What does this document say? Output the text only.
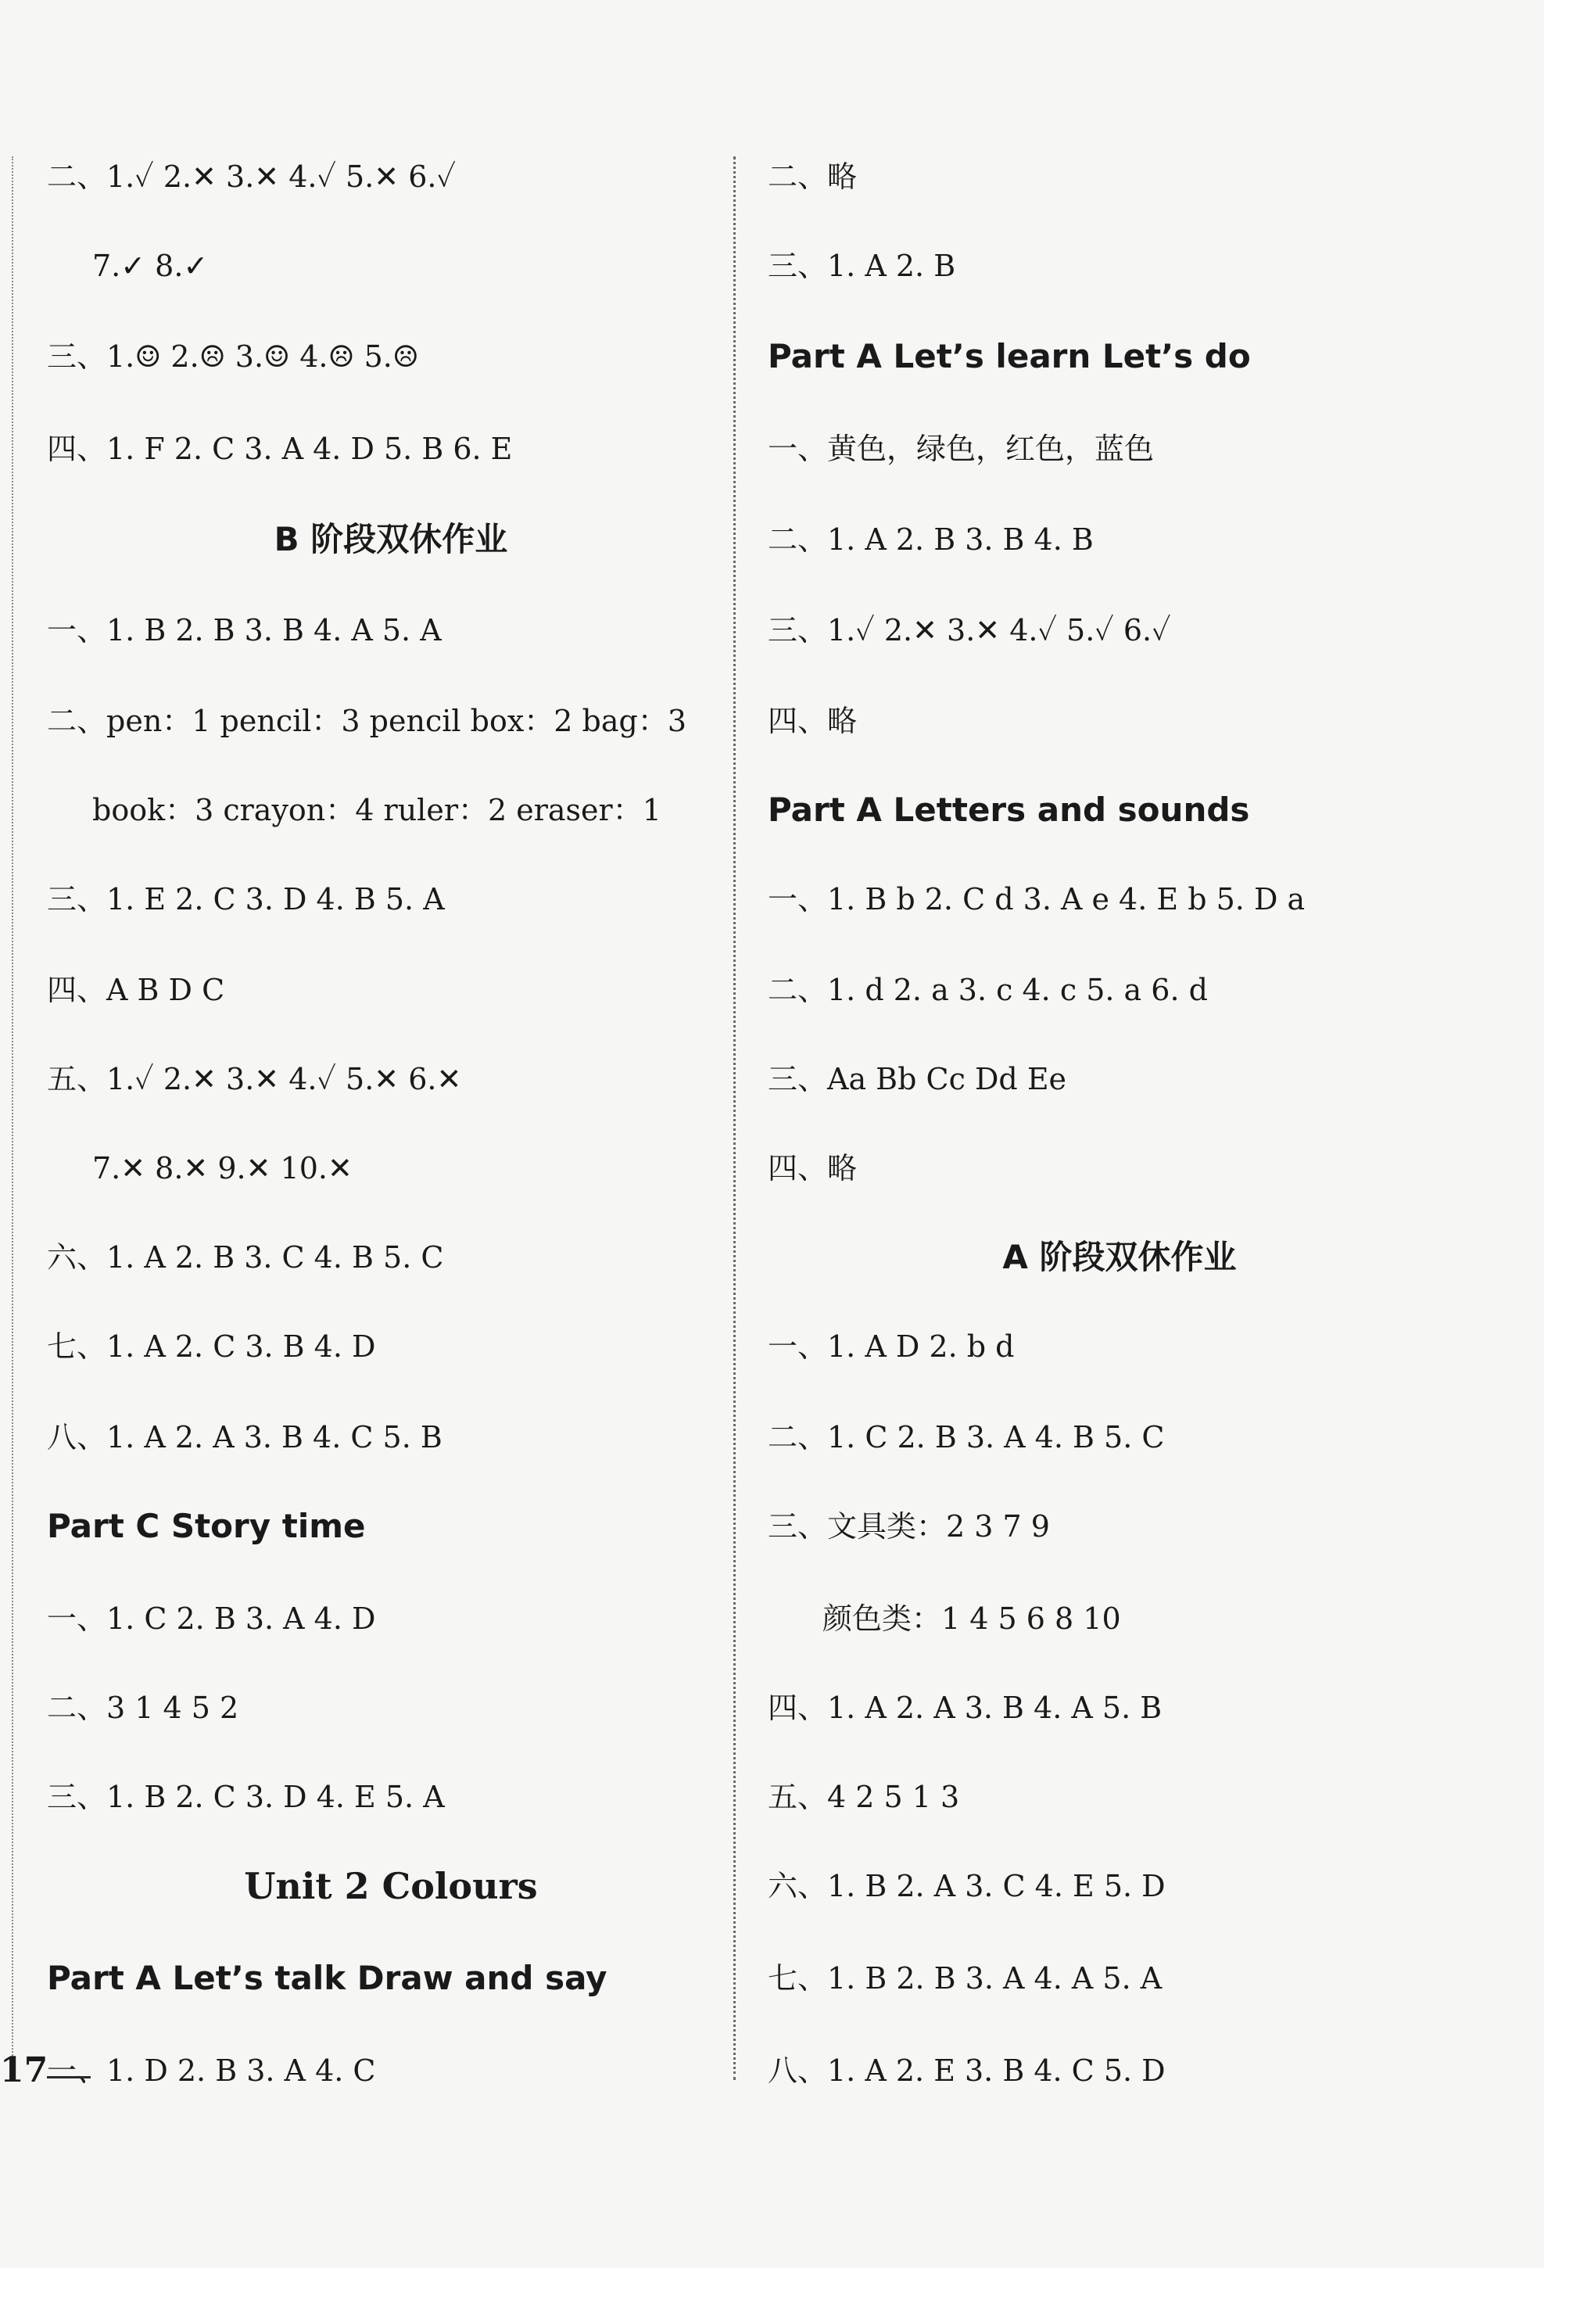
二、1.✓ 2.✕ 3.✕ 4.✓ 5.✕ 6.✓
7.✓ 8.✓
三、1.☺ 2.☹ 3.☺ 4.☹ 5.☹
四、1. F 2. C 3. A 4. D 5. B 6. E
B 阶段双休作业
一、1. B 2. B 3. B 4. A 5. A
二、pen：1 pencil：3 pencil box：2 bag：3
book：3 crayon：4 ruler：2 eraser：1
三、1. E 2. C 3. D 4. B 5. A
四、A B D C
五、1.✓ 2.✕ 3.✕ 4.✓ 5.✕ 6.✕
7.✕ 8.✕ 9.✕ 10.✕
六、1. A 2. B 3. C 4. B 5. C
七、1. A 2. C 3. B 4. D
八、1. A 2. A 3. B 4. C 5. B
Part C Story time
一、1. C 2. B 3. A 4. D
二、3 1 4 5 2
三、1. B 2. C 3. D 4. E 5. A
Unit 2 Colours
Part A Let’s talk Draw and say
一、1. D 2. B 3. A 4. C
二、略
三、1. A 2. B
Part A Let’s learn Let’s do
一、黄色，绿色，红色，蓝色
二、1. A 2. B 3. B 4. B
三、1.✓ 2.✕ 3.✕ 4.✓ 5.✓ 6.✓
四、略
Part A Letters and sounds
一、1. B b 2. C d 3. A e 4. E b 5. D a
二、1. d 2. a 3. c 4. c 5. a 6. d
三、Aa Bb Cc Dd Ee
四、略
A 阶段双休作业
一、1. A D 2. b d
二、1. C 2. B 3. A 4. B 5. C
三、文具类：2 3 7 9
颜色类：1 4 5 6 8 10
四、1. A 2. A 3. B 4. A 5. B
五、4 2 5 1 3
六、1. B 2. A 3. C 4. E 5. D
七、1. B 2. B 3. A 4. A 5. A
八、1. A 2. E 3. B 4. C 5. D
17
